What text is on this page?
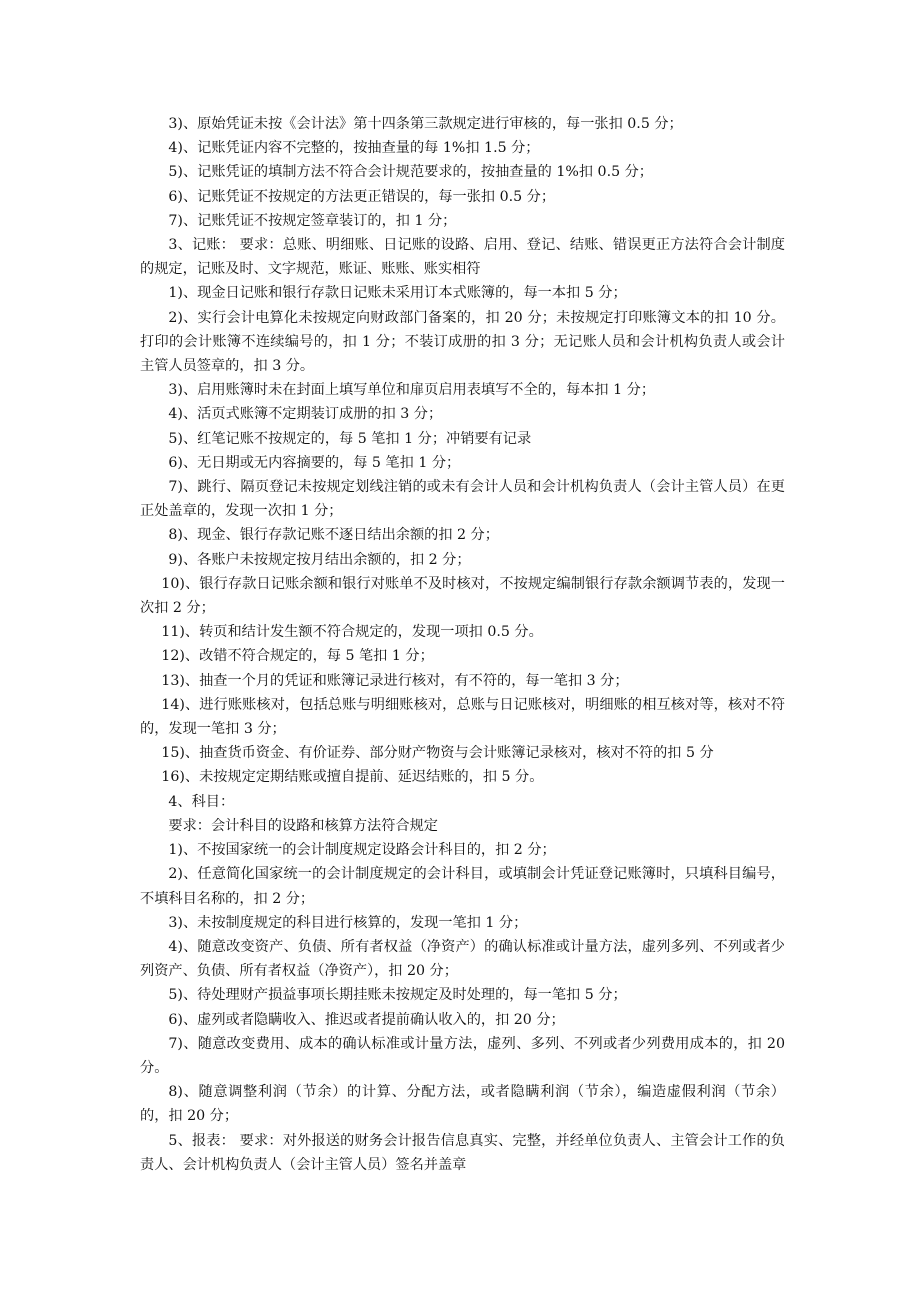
3)、原始凭证未按《会计法》第十四条第三款规定进行审核的，每一张扣 0.5 分；

4)、记账凭证内容不完整的，按抽查量的每 1%扣 1.5 分；

5)、记账凭证的填制方法不符合会计规范要求的，按抽查量的 1%扣 0.5 分；

6)、记账凭证不按规定的方法更正错误的，每一张扣 0.5 分；

7)、记账凭证不按规定签章装订的，扣 1 分；

3、记账： 要求：总账、明细账、日记账的设路、启用、登记、结账、错误更正方法符合会计制度的规定，记账及时、文字规范，账证、账账、账实相符

1)、现金日记账和银行存款日记账未采用订本式账簿的，每一本扣 5 分；

2)、实行会计电算化未按规定向财政部门备案的，扣 20 分；未按规定打印账簿文本的扣 10 分。 打印的会计账簿不连续编号的，扣 1 分；不装订成册的扣 3 分；无记账人员和会计机构负责人或会计主管人员签章的，扣 3 分。

3)、启用账簿时未在封面上填写单位和扉页启用表填写不全的，每本扣 1 分；

4)、活页式账簿不定期装订成册的扣 3 分；

5)、红笔记账不按规定的，每 5 笔扣 1 分；冲销要有记录

6)、无日期或无内容摘要的，每 5 笔扣 1 分；

7)、跳行、隔页登记未按规定划线注销的或未有会计人员和会计机构负责人（会计主管人员）在更正处盖章的，发现一次扣 1 分；

8)、现金、银行存款记账不逐日结出余额的扣 2 分；

9)、各账户未按规定按月结出余额的，扣 2 分；

10)、银行存款日记账余额和银行对账单不及时核对，不按规定编制银行存款余额调节表的，发现一次扣 2 分；

11)、转页和结计发生额不符合规定的，发现一项扣 0.5 分。

12)、改错不符合规定的，每 5 笔扣 1 分；

13)、抽查一个月的凭证和账簿记录进行核对，有不符的，每一笔扣 3 分；

14)、进行账账核对，包括总账与明细账核对，总账与日记账核对，明细账的相互核对等，核对不符的，发现一笔扣 3 分；

15)、抽查货币资金、有价证券、部分财产物资与会计账簿记录核对，核对不符的扣 5 分

16)、未按规定定期结账或擅自提前、延迟结账的，扣 5 分。

4、科目：

要求：会计科目的设路和核算方法符合规定

1)、不按国家统一的会计制度规定设路会计科目的，扣 2 分；

2)、任意简化国家统一的会计制度规定的会计科目，或填制会计凭证登记账簿时，只填科目编号，不填科目名称的，扣 2 分；

3)、未按制度规定的科目进行核算的，发现一笔扣 1 分；

4)、随意改变资产、负债、所有者权益（净资产）的确认标准或计量方法，虚列多列、不列或者少列资产、负债、所有者权益（净资产），扣 20 分；

5)、待处理财产损益事项长期挂账未按规定及时处理的，每一笔扣 5 分；

6)、虚列或者隐瞒收入、推迟或者提前确认收入的，扣 20 分；

7)、随意改变费用、成本的确认标准或计量方法，虚列、多列、不列或者少列费用成本的，扣 20 分。

8)、随意调整利润（节余）的计算、分配方法，或者隐瞒利润（节余），编造虚假利润（节余）的，扣 20 分；

5、报表： 要求：对外报送的财务会计报告信息真实、完整，并经单位负责人、主管会计工作的负责人、会计机构负责人（会计主管人员）签名并盖章
